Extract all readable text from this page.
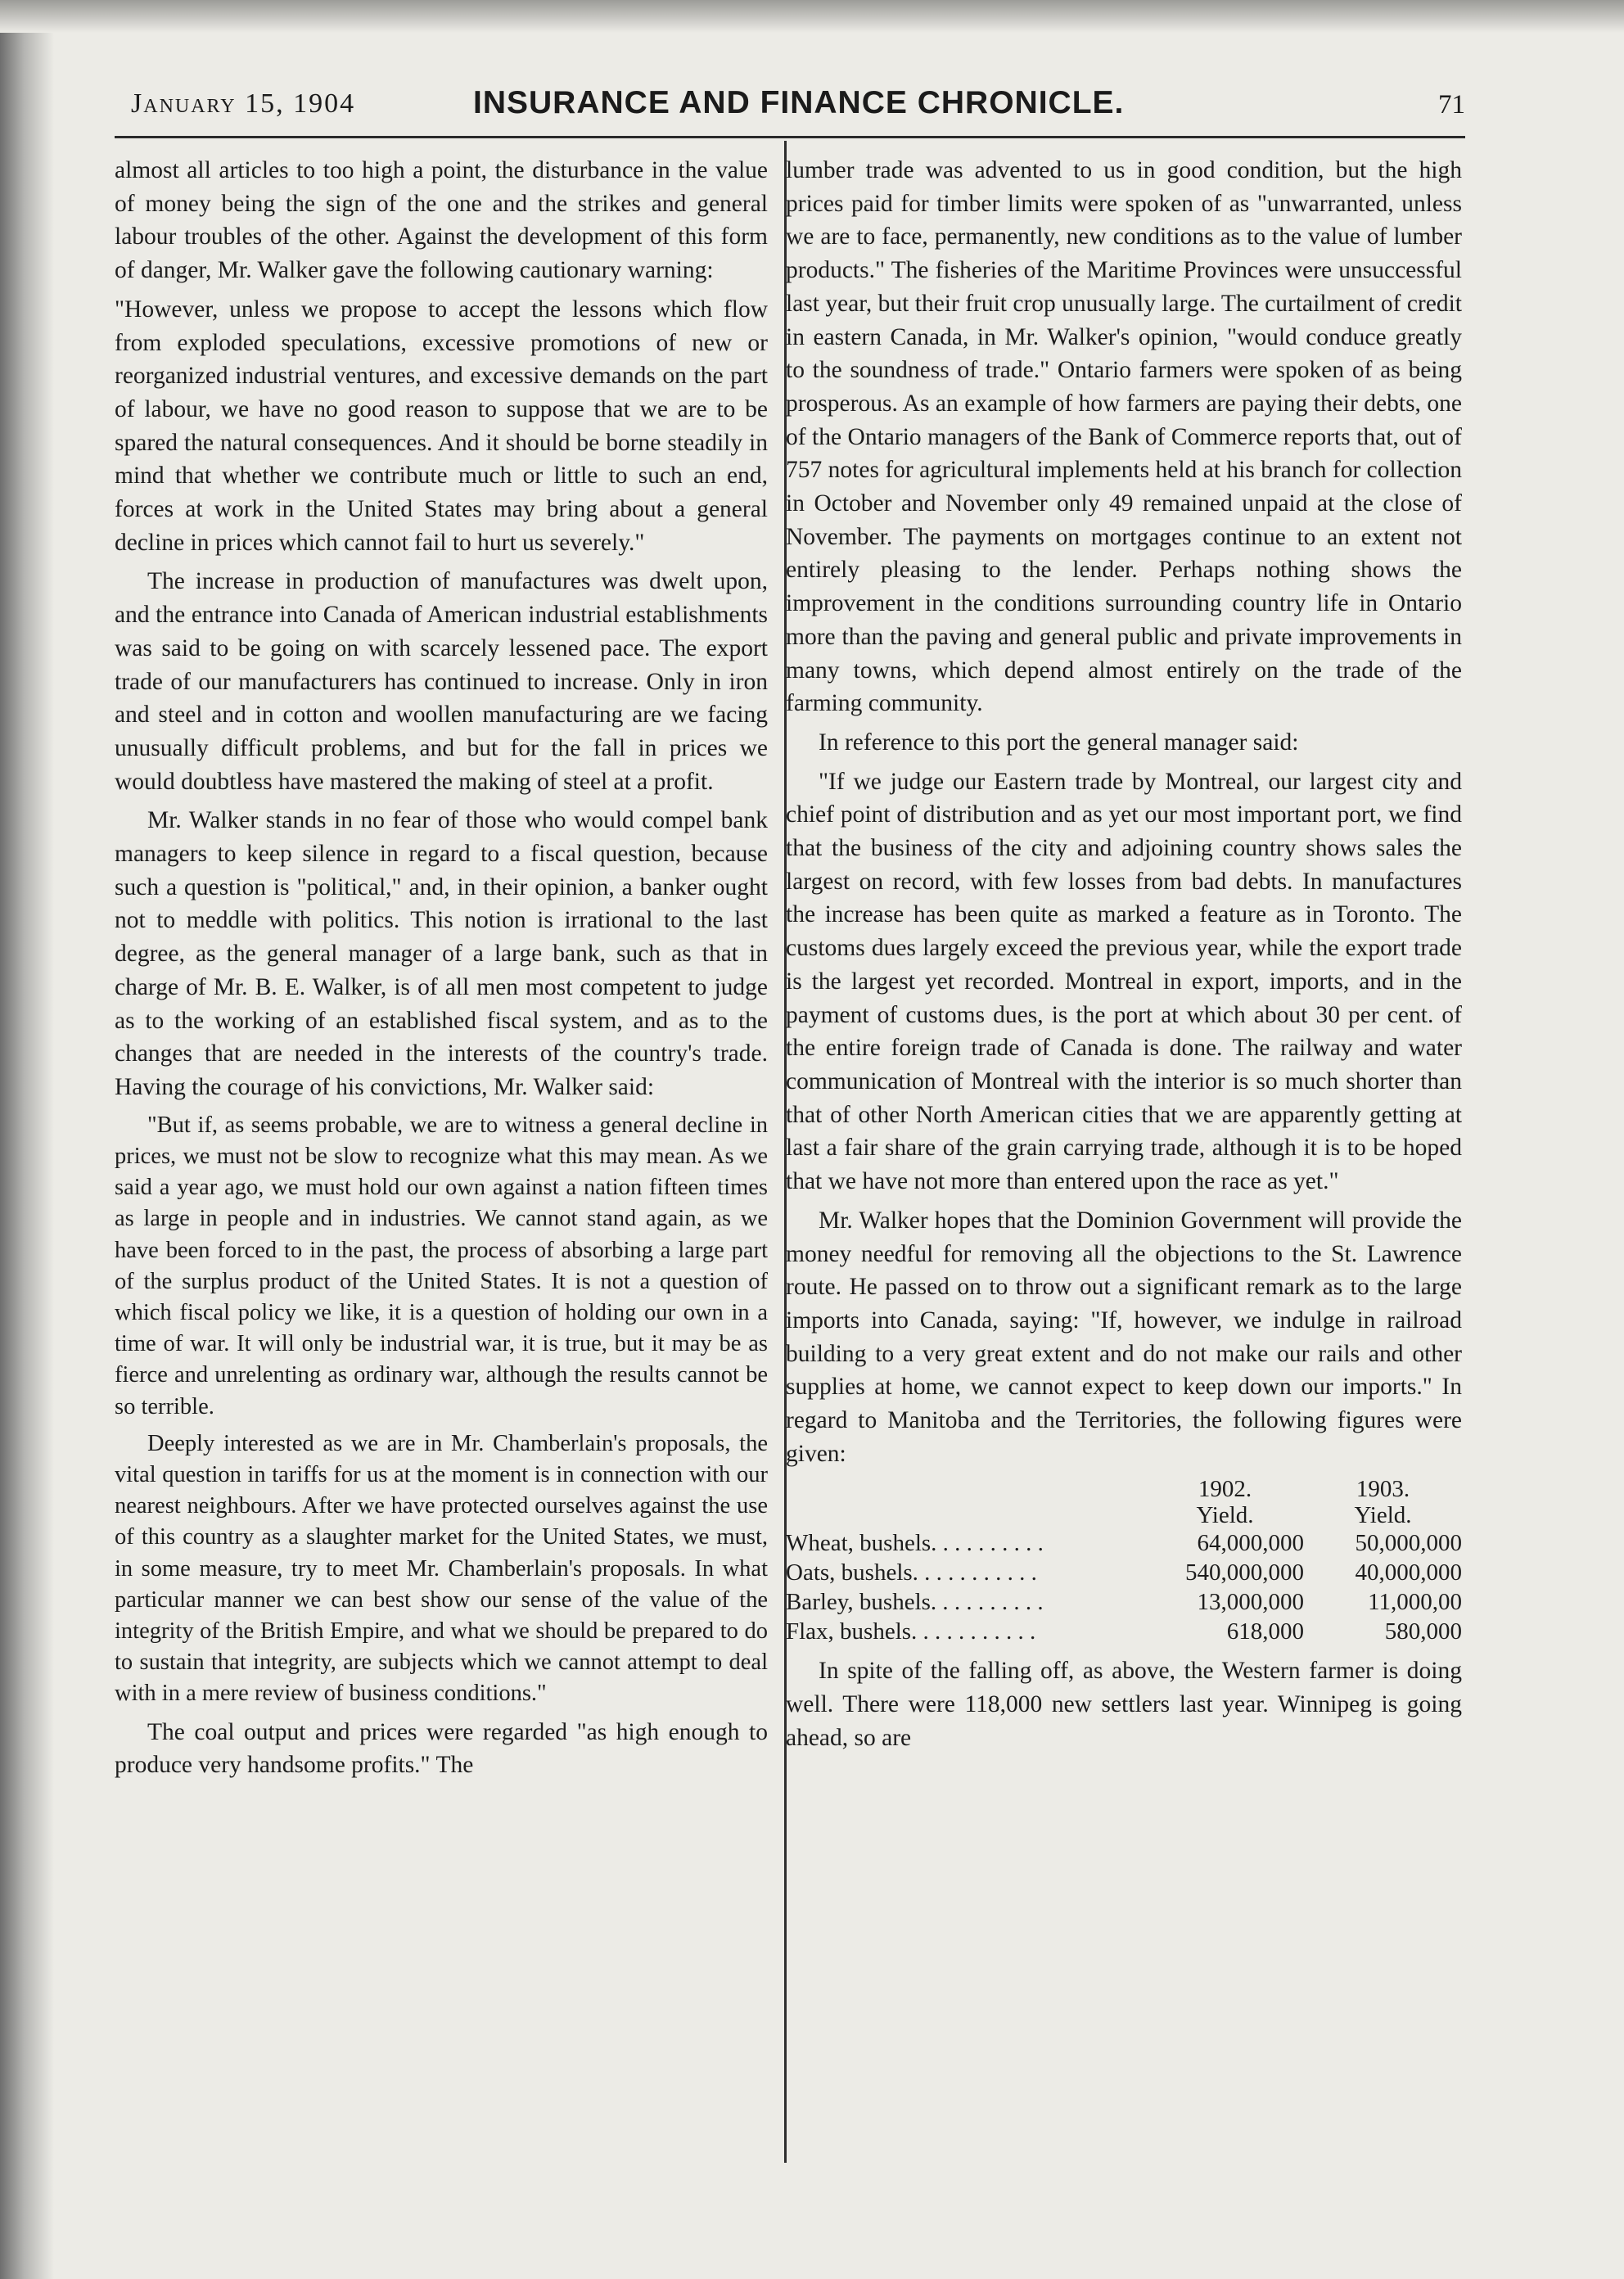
January 15, 1904	INSURANCE AND FINANCE CHRONICLE.	71

almost all articles to too high a point, the disturbance in the value of money being the sign of the one and the strikes and general labour troubles of the other. Against the development of this form of danger, Mr. Walker gave the following cautionary warning:

"However, unless we propose to accept the lessons which flow from exploded speculations, excessive promotions of new or reorganized industrial ventures, and excessive demands on the part of labour, we have no good reason to suppose that we are to be spared the natural consequences. And it should be borne steadily in mind that whether we contribute much or little to such an end, forces at work in the United States may bring about a general decline in prices which cannot fail to hurt us severely."

The increase in production of manufactures was dwelt upon, and the entrance into Canada of American industrial establishments was said to be going on with scarcely lessened pace. The export trade of our manufacturers has continued to increase. Only in iron and steel and in cotton and woollen manufacturing are we facing unusually difficult problems, and but for the fall in prices we would doubtless have mastered the making of steel at a profit.

Mr. Walker stands in no fear of those who would compel bank managers to keep silence in regard to a fiscal question, because such a question is "political," and, in their opinion, a banker ought not to meddle with politics. This notion is irrational to the last degree, as the general manager of a large bank, such as that in charge of Mr. B. E. Walker, is of all men most competent to judge as to the working of an established fiscal system, and as to the changes that are needed in the interests of the country's trade. Having the courage of his convictions, Mr. Walker said:

"But if, as seems probable, we are to witness a general decline in prices, we must not be slow to recognize what this may mean. As we said a year ago, we must hold our own against a nation fifteen times as large in people and in industries. We cannot stand again, as we have been forced to in the past, the process of absorbing a large part of the surplus product of the United States. It is not a question of which fiscal policy we like, it is a question of holding our own in a time of war. It will only be industrial war, it is true, but it may be as fierce and unrelenting as ordinary war, although the results cannot be so terrible.

Deeply interested as we are in Mr. Chamberlain's proposals, the vital question in tariffs for us at the moment is in connection with our nearest neighbours. After we have protected ourselves against the use of this country as a slaughter market for the United States, we must, in some measure, try to meet Mr. Chamberlain's proposals. In what particular manner we can best show our sense of the value of the integrity of the British Empire, and what we should be prepared to do to sustain that integrity, are subjects which we cannot attempt to deal with in a mere review of business conditions."

The coal output and prices were regarded "as high enough to produce very handsome profits." The

lumber trade was advented to us in good condition, but the high prices paid for timber limits were spoken of as "unwarranted, unless we are to face, permanently, new conditions as to the value of lumber products." The fisheries of the Maritime Provinces were unsuccessful last year, but their fruit crop unusually large. The curtailment of credit in eastern Canada, in Mr. Walker's opinion, "would conduce greatly to the soundness of trade." Ontario farmers were spoken of as being prosperous. As an example of how farmers are paying their debts, one of the Ontario managers of the Bank of Commerce reports that, out of 757 notes for agricultural implements held at his branch for collection in October and November only 49 remained unpaid at the close of November. The payments on mortgages continue to an extent not entirely pleasing to the lender. Perhaps nothing shows the improvement in the conditions surrounding country life in Ontario more than the paving and general public and private improvements in many towns, which depend almost entirely on the trade of the farming community.

In reference to this port the general manager said:

"If we judge our Eastern trade by Montreal, our largest city and chief point of distribution and as yet our most important port, we find that the business of the city and adjoining country shows sales the largest on record, with few losses from bad debts. In manufactures the increase has been quite as marked a feature as in Toronto. The customs dues largely exceed the previous year, while the export trade is the largest yet recorded. Montreal in export, imports, and in the payment of customs dues, is the port at which about 30 per cent. of the entire foreign trade of Canada is done. The railway and water communication of Montreal with the interior is so much shorter than that of other North American cities that we are apparently getting at last a fair share of the grain carrying trade, although it is to be hoped that we have not more than entered upon the race as yet."

Mr. Walker hopes that the Dominion Government will provide the money needful for removing all the objections to the St. Lawrence route. He passed on to throw out a significant remark as to the large imports into Canada, saying: "If, however, we indulge in railroad building to a very great extent and do not make our rails and other supplies at home, we cannot expect to keep down our imports." In regard to Manitoba and the Territories, the following figures were given:

	1902.	1903.
	Yield.	Yield.
Wheat, bushels. . . . . . . . . .	64,000,000	50,000,000
Oats, bushels. . . . . . . . . . .	540,000,000	40,000,000
Barley, bushels. . . . . . . . . .	13,000,000	11,000,00
Flax, bushels. . . . . . . . . . .	618,000	580,000

In spite of the falling off, as above, the Western farmer is doing well. There were 118,000 new settlers last year. Winnipeg is going ahead, so are
